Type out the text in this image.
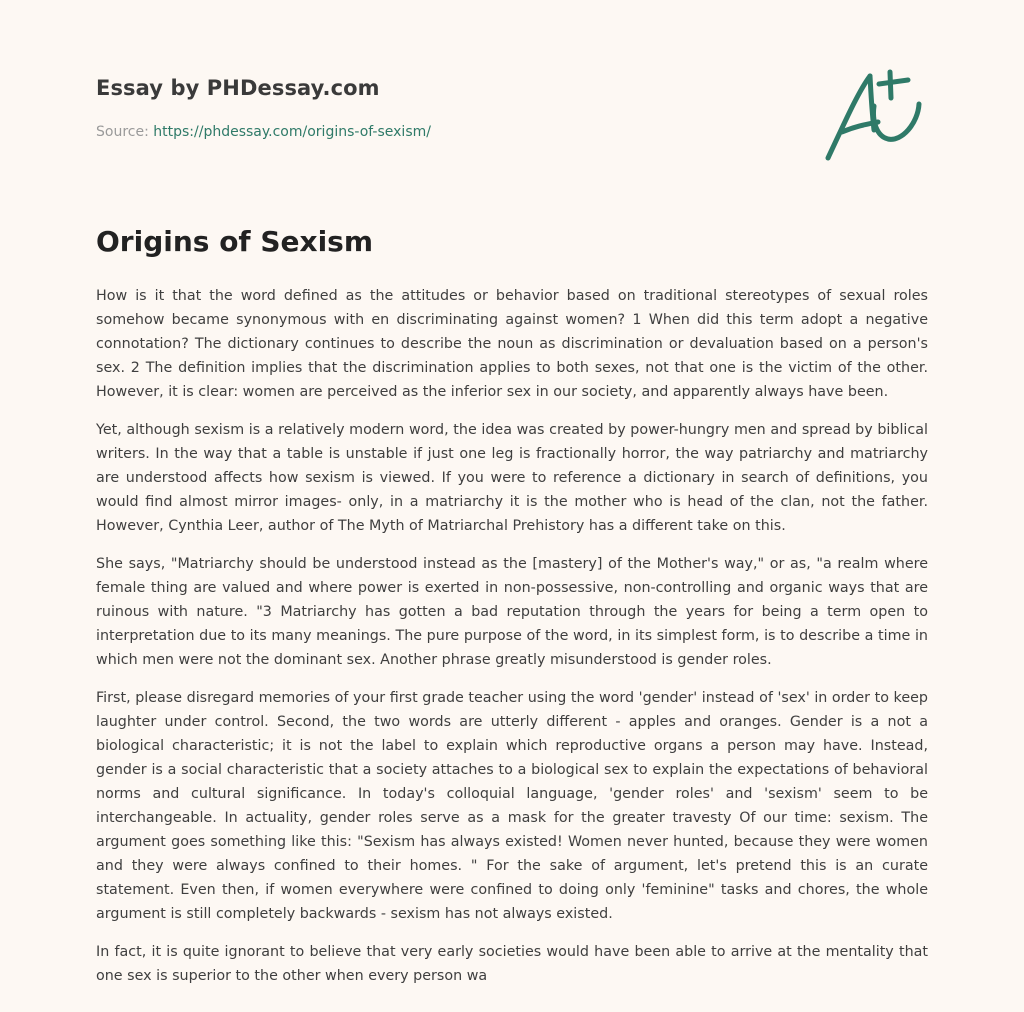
Essay by PHDessay.com
Source: https://phdessay.com/origins-of-sexism/
Origins of Sexism

How is it that the word defined as the attitudes or behavior based on traditional stereotypes of sexual roles somehow became synonymous with en discriminating against women? 1 When did this term adopt a negative connotation? The dictionary continues to describe the noun as discrimination or devaluation based on a person's sex. 2 The definition implies that the discrimination applies to both sexes, not that one is the victim of the other. However, it is clear: women are perceived as the inferior sex in our society, and apparently always have been.

Yet, although sexism is a relatively modern word, the idea was created by power-hungry men and spread by biblical writers. In the way that a table is unstable if just one leg is fractionally horror, the way patriarchy and matriarchy are understood affects how sexism is viewed. If you were to reference a dictionary in search of definitions, you would find almost mirror images- only, in a matriarchy it is the mother who is head of the clan, not the father. However, Cynthia Leer, author of The Myth of Matriarchal Prehistory has a different take on this.

She says, "Matriarchy should be understood instead as the [mastery] of the Mother's way," or as, "a realm where female thing are valued and where power is exerted in non-possessive, non-controlling and organic ways that are ruinous with nature. "3 Matriarchy has gotten a bad reputation through the years for being a term open to interpretation due to its many meanings. The pure purpose of the word, in its simplest form, is to describe a time in which men were not the dominant sex. Another phrase greatly misunderstood is gender roles.

First, please disregard memories of your first grade teacher using the word 'gender' instead of 'sex' in order to keep laughter under control. Second, the two words are utterly different - apples and oranges. Gender is a not a biological characteristic; it is not the label to explain which reproductive organs a person may have. Instead, gender is a social characteristic that a society attaches to a biological sex to explain the expectations of behavioral norms and cultural significance. In today's colloquial language, 'gender roles' and 'sexism' seem to be interchangeable. In actuality, gender roles serve as a mask for the greater travesty Of our time: sexism. The argument goes something like this: "Sexism has always existed! Women never hunted, because they were women and they were always confined to their homes. " For the sake of argument, let's pretend this is an curate statement. Even then, if women everywhere were confined to doing only 'feminine" tasks and chores, the whole argument is still completely backwards - sexism has not always existed.

In fact, it is quite ignorant to believe that very early societies would have been able to arrive at the mentality that one sex is superior to the other when every person wa
